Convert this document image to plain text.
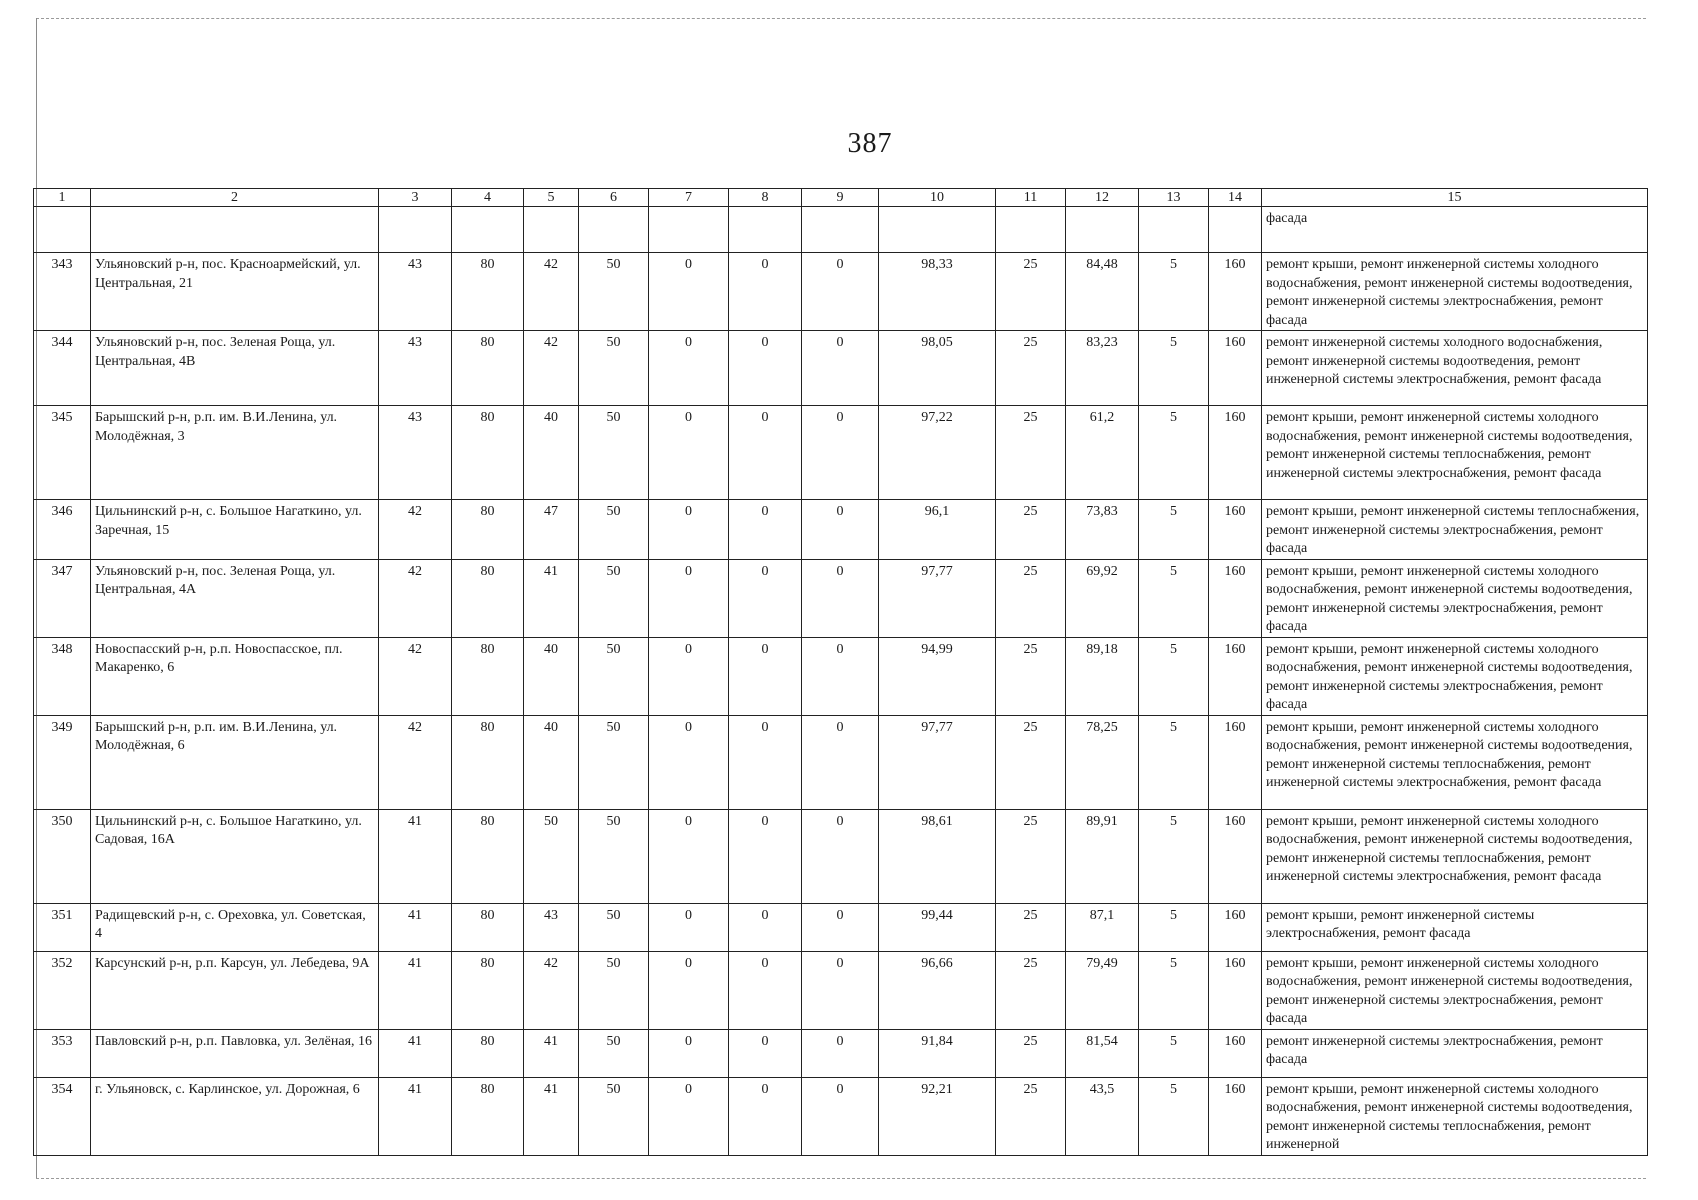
387
1	2	3	4	5	6	7	8	9	10	11	12	13	14	15
														фасада
343	Ульяновский р-н, пос. Красноармейский, ул. Центральная, 21	43	80	42	50	0	0	0	98,33	25	84,48	5	160	ремонт крыши, ремонт инженерной системы холодного водоснабжения, ремонт инженерной системы водоотведения, ремонт инженерной системы электроснабжения, ремонт фасада
344	Ульяновский р-н, пос. Зеленая Роща, ул. Центральная, 4В	43	80	42	50	0	0	0	98,05	25	83,23	5	160	ремонт инженерной системы холодного водоснабжения, ремонт инженерной системы водоотведения, ремонт инженерной системы электроснабжения, ремонт фасада
345	Барышский р-н, р.п. им. В.И.Ленина, ул. Молодёжная, 3	43	80	40	50	0	0	0	97,22	25	61,2	5	160	ремонт крыши, ремонт инженерной системы холодного водоснабжения, ремонт инженерной системы водоотведения, ремонт инженерной системы теплоснабжения, ремонт инженерной системы электроснабжения, ремонт фасада
346	Цильнинский р-н, с. Большое Нагаткино, ул. Заречная, 15	42	80	47	50	0	0	0	96,1	25	73,83	5	160	ремонт крыши, ремонт инженерной системы теплоснабжения, ремонт инженерной системы электроснабжения, ремонт фасада
347	Ульяновский р-н, пос. Зеленая Роща, ул. Центральная, 4А	42	80	41	50	0	0	0	97,77	25	69,92	5	160	ремонт крыши, ремонт инженерной системы холодного водоснабжения, ремонт инженерной системы водоотведения, ремонт инженерной системы электроснабжения, ремонт фасада
348	Новоспасский р-н, р.п. Новоспасское, пл. Макаренко, 6	42	80	40	50	0	0	0	94,99	25	89,18	5	160	ремонт крыши, ремонт инженерной системы холодного водоснабжения, ремонт инженерной системы водоотведения, ремонт инженерной системы электроснабжения, ремонт фасада
349	Барышский р-н, р.п. им. В.И.Ленина, ул. Молодёжная, 6	42	80	40	50	0	0	0	97,77	25	78,25	5	160	ремонт крыши, ремонт инженерной системы холодного водоснабжения, ремонт инженерной системы водоотведения, ремонт инженерной системы теплоснабжения, ремонт инженерной системы электроснабжения, ремонт фасада
350	Цильнинский р-н, с. Большое Нагаткино, ул. Садовая, 16А	41	80	50	50	0	0	0	98,61	25	89,91	5	160	ремонт крыши, ремонт инженерной системы холодного водоснабжения, ремонт инженерной системы водоотведения, ремонт инженерной системы теплоснабжения, ремонт инженерной системы электроснабжения, ремонт фасада
351	Радищевский р-н, с. Ореховка, ул. Советская, 4	41	80	43	50	0	0	0	99,44	25	87,1	5	160	ремонт крыши, ремонт инженерной системы электроснабжения, ремонт фасада
352	Карсунский р-н, р.п. Карсун, ул. Лебедева, 9А	41	80	42	50	0	0	0	96,66	25	79,49	5	160	ремонт крыши, ремонт инженерной системы холодного водоснабжения, ремонт инженерной системы водоотведения, ремонт инженерной системы электроснабжения, ремонт фасада
353	Павловский р-н, р.п. Павловка, ул. Зелёная, 16	41	80	41	50	0	0	0	91,84	25	81,54	5	160	ремонт инженерной системы электроснабжения, ремонт фасада
354	г. Ульяновск, с. Карлинское, ул. Дорожная, 6	41	80	41	50	0	0	0	92,21	25	43,5	5	160	ремонт крыши, ремонт инженерной системы холодного водоснабжения, ремонт инженерной системы водоотведения, ремонт инженерной системы теплоснабжения, ремонт инженерной
